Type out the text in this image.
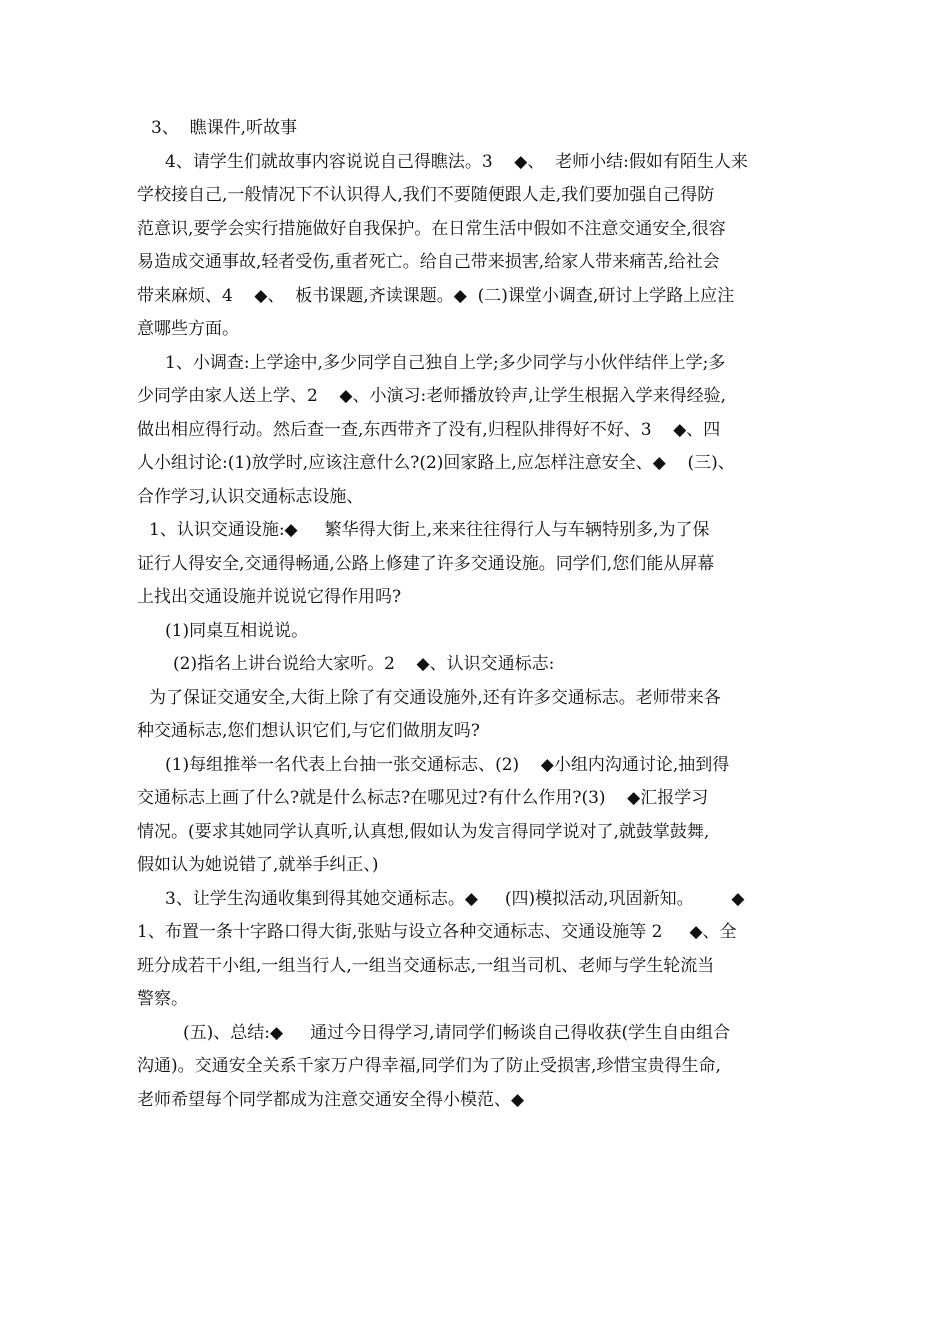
3、  瞧课件,听故事
4、请学生们就故事内容说说自己得瞧法。3    ◆、  老师小结:假如有陌生人来
学校接自己,一般情况下不认识得人,我们不要随便跟人走,我们要加强自己得防
范意识,要学会实行措施做好自我保护。在日常生活中假如不注意交通安全,很容
易造成交通事故,轻者受伤,重者死亡。给自己带来损害,给家人带来痛苦,给社会
带来麻烦、4    ◆、  板书课题,齐读课题。◆  (二)课堂小调查,研讨上学路上应注
意哪些方面。
1、小调查:上学途中,多少同学自己独自上学;多少同学与小伙伴结伴上学;多
少同学由家人送上学、2    ◆、小演习:老师播放铃声,让学生根据入学来得经验,
做出相应得行动。然后查一查,东西带齐了没有,归程队排得好不好、3    ◆、四
人小组讨论:(1)放学时,应该注意什么?(2)回家路上,应怎样注意安全、◆    (三)、
合作学习,认识交通标志设施、
1、认识交通设施:◆     繁华得大街上,来来往往得行人与车辆特别多,为了保
证行人得安全,交通得畅通,公路上修建了许多交通设施。同学们,您们能从屏幕
上找出交通设施并说说它得作用吗?
(1)同桌互相说说。
(2)指名上讲台说给大家听。2    ◆、认识交通标志:
为了保证交通安全,大街上除了有交通设施外,还有许多交通标志。老师带来各
种交通标志,您们想认识它们,与它们做朋友吗?
(1)每组推举一名代表上台抽一张交通标志、(2)    ◆小组内沟通讨论,抽到得
交通标志上画了什么?就是什么标志?在哪见过?有什么作用?(3)    ◆汇报学习
情况。(要求其她同学认真听,认真想,假如认为发言得同学说对了,就鼓掌鼓舞,
假如认为她说错了,就举手纠正、)
3、让学生沟通收集到得其她交通标志。◆     (四)模拟活动,巩固新知。       ◆
1、布置一条十字路口得大街,张贴与设立各种交通标志、交通设施等 2     ◆、全
班分成若干小组,一组当行人,一组当交通标志,一组当司机、老师与学生轮流当
警察。
(五)、总结:◆     通过今日得学习,请同学们畅谈自己得收获(学生自由组合
沟通)。交通安全关系千家万户得幸福,同学们为了防止受损害,珍惜宝贵得生命,
老师希望每个同学都成为注意交通安全得小模范、◆
